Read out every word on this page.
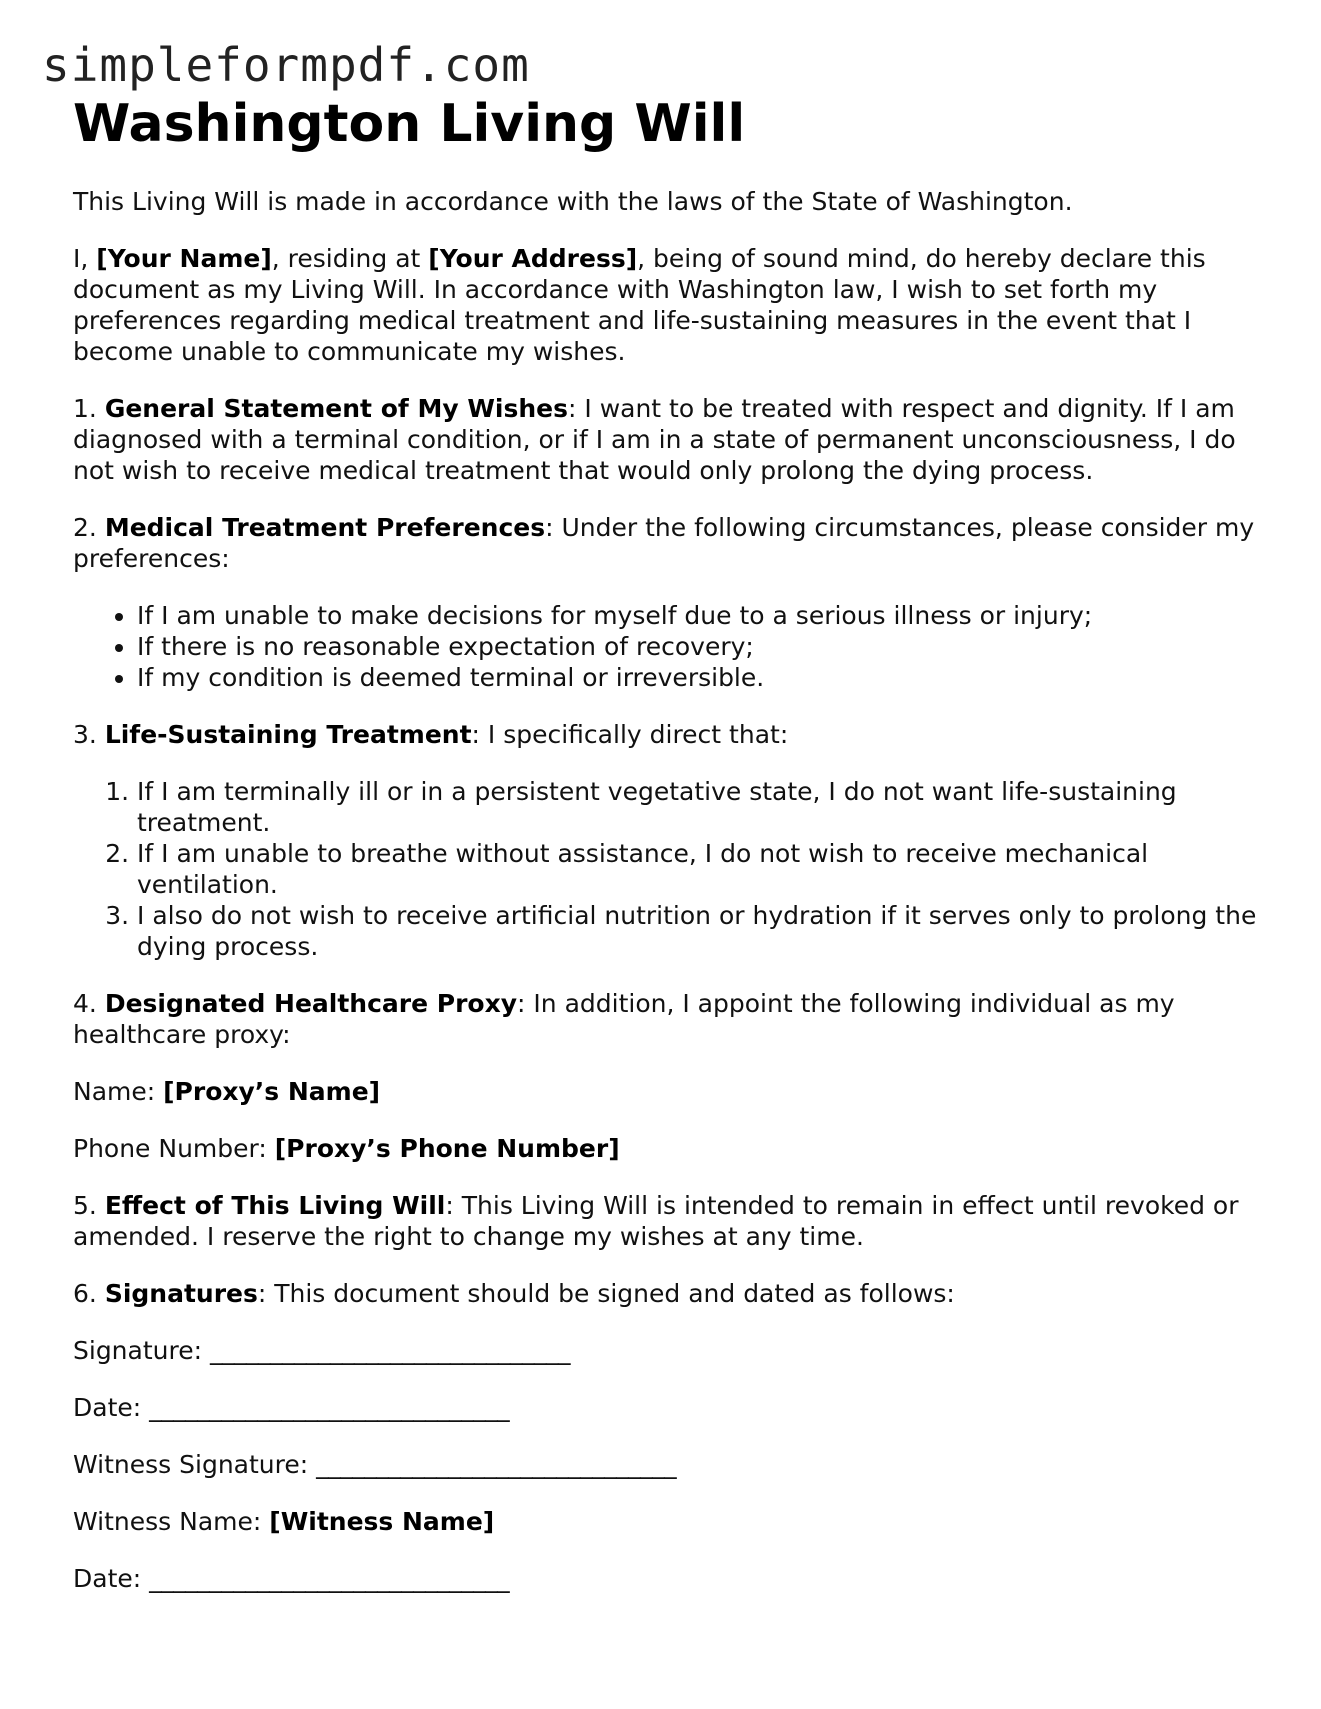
simpleformpdf.com
Washington Living Will

This Living Will is made in accordance with the laws of the State of Washington.

I, [Your Name], residing at [Your Address], being of sound mind, do hereby declare this document as my Living Will. In accordance with Washington law, I wish to set forth my preferences regarding medical treatment and life-sustaining measures in the event that I become unable to communicate my wishes.

1. General Statement of My Wishes: I want to be treated with respect and dignity. If I am diagnosed with a terminal condition, or if I am in a state of permanent unconsciousness, I do not wish to receive medical treatment that would only prolong the dying process.

2. Medical Treatment Preferences: Under the following circumstances, please consider my preferences:

• If I am unable to make decisions for myself due to a serious illness or injury;
• If there is no reasonable expectation of recovery;
• If my condition is deemed terminal or irreversible.

3. Life-Sustaining Treatment: I specifically direct that:

1. If I am terminally ill or in a persistent vegetative state, I do not want life-sustaining treatment.
2. If I am unable to breathe without assistance, I do not wish to receive mechanical ventilation.
3. I also do not wish to receive artificial nutrition or hydration if it serves only to prolong the dying process.

4. Designated Healthcare Proxy: In addition, I appoint the following individual as my healthcare proxy:

Name: [Proxy’s Name]

Phone Number: [Proxy’s Phone Number]

5. Effect of This Living Will: This Living Will is intended to remain in effect until revoked or amended. I reserve the right to change my wishes at any time.

6. Signatures: This document should be signed and dated as follows:

Signature: ______________________________

Date: ______________________________

Witness Signature: ______________________________

Witness Name: [Witness Name]

Date: ______________________________
